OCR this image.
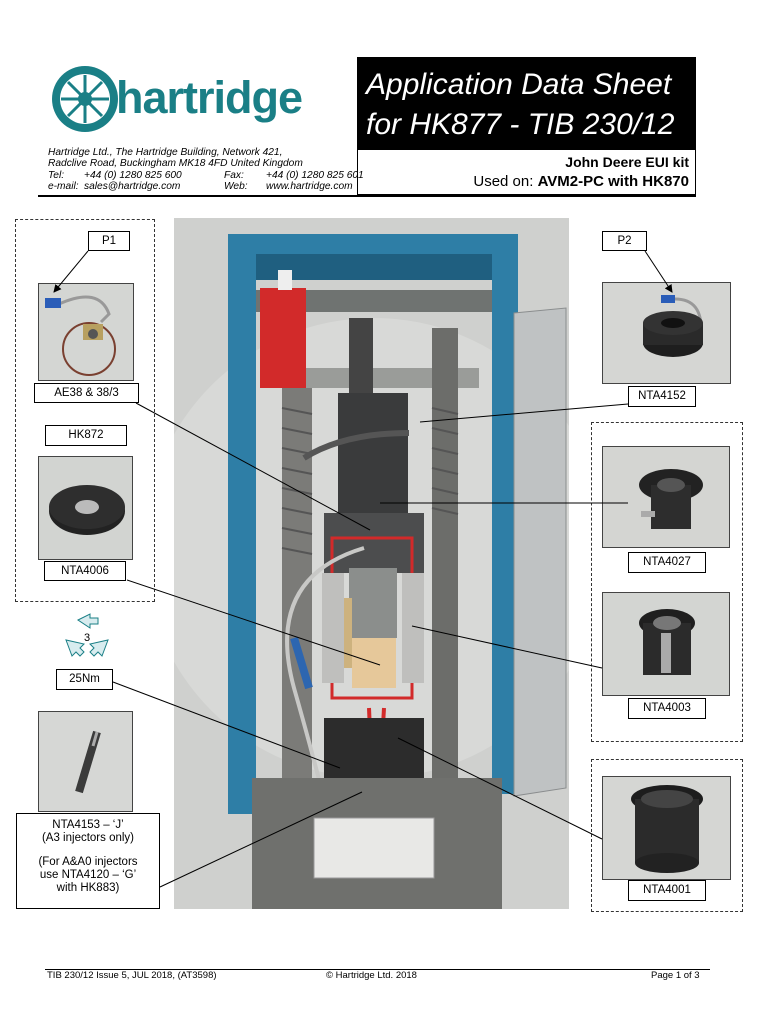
hartridge
Hartridge Ltd., The Hartridge Building, Network 421,
Radclive Road, Buckingham MK18 4FD United Kingdom
Tel: +44 (0) 1280 825 600	Fax: +44 (0) 1280 825 601
e-mail: sales@hartridge.com	Web: www.hartridge.com
Application Data Sheet
for HK877 - TIB 230/12
John Deere EUI kit
Used on: AVM2-PC with HK870
P1
AE38 & 38/3
HK872
NTA4006
3
25Nm
NTA4153 – ‘J’
(A3 injectors only)
(For A&A0 injectors
use NTA4120 – ‘G’
with HK883)
P2
NTA4152
NTA4027
NTA4003
NTA4001
TIB 230/12 Issue 5, JUL 2018, (AT3598)	© Hartridge Ltd. 2018	Page 1 of 3
